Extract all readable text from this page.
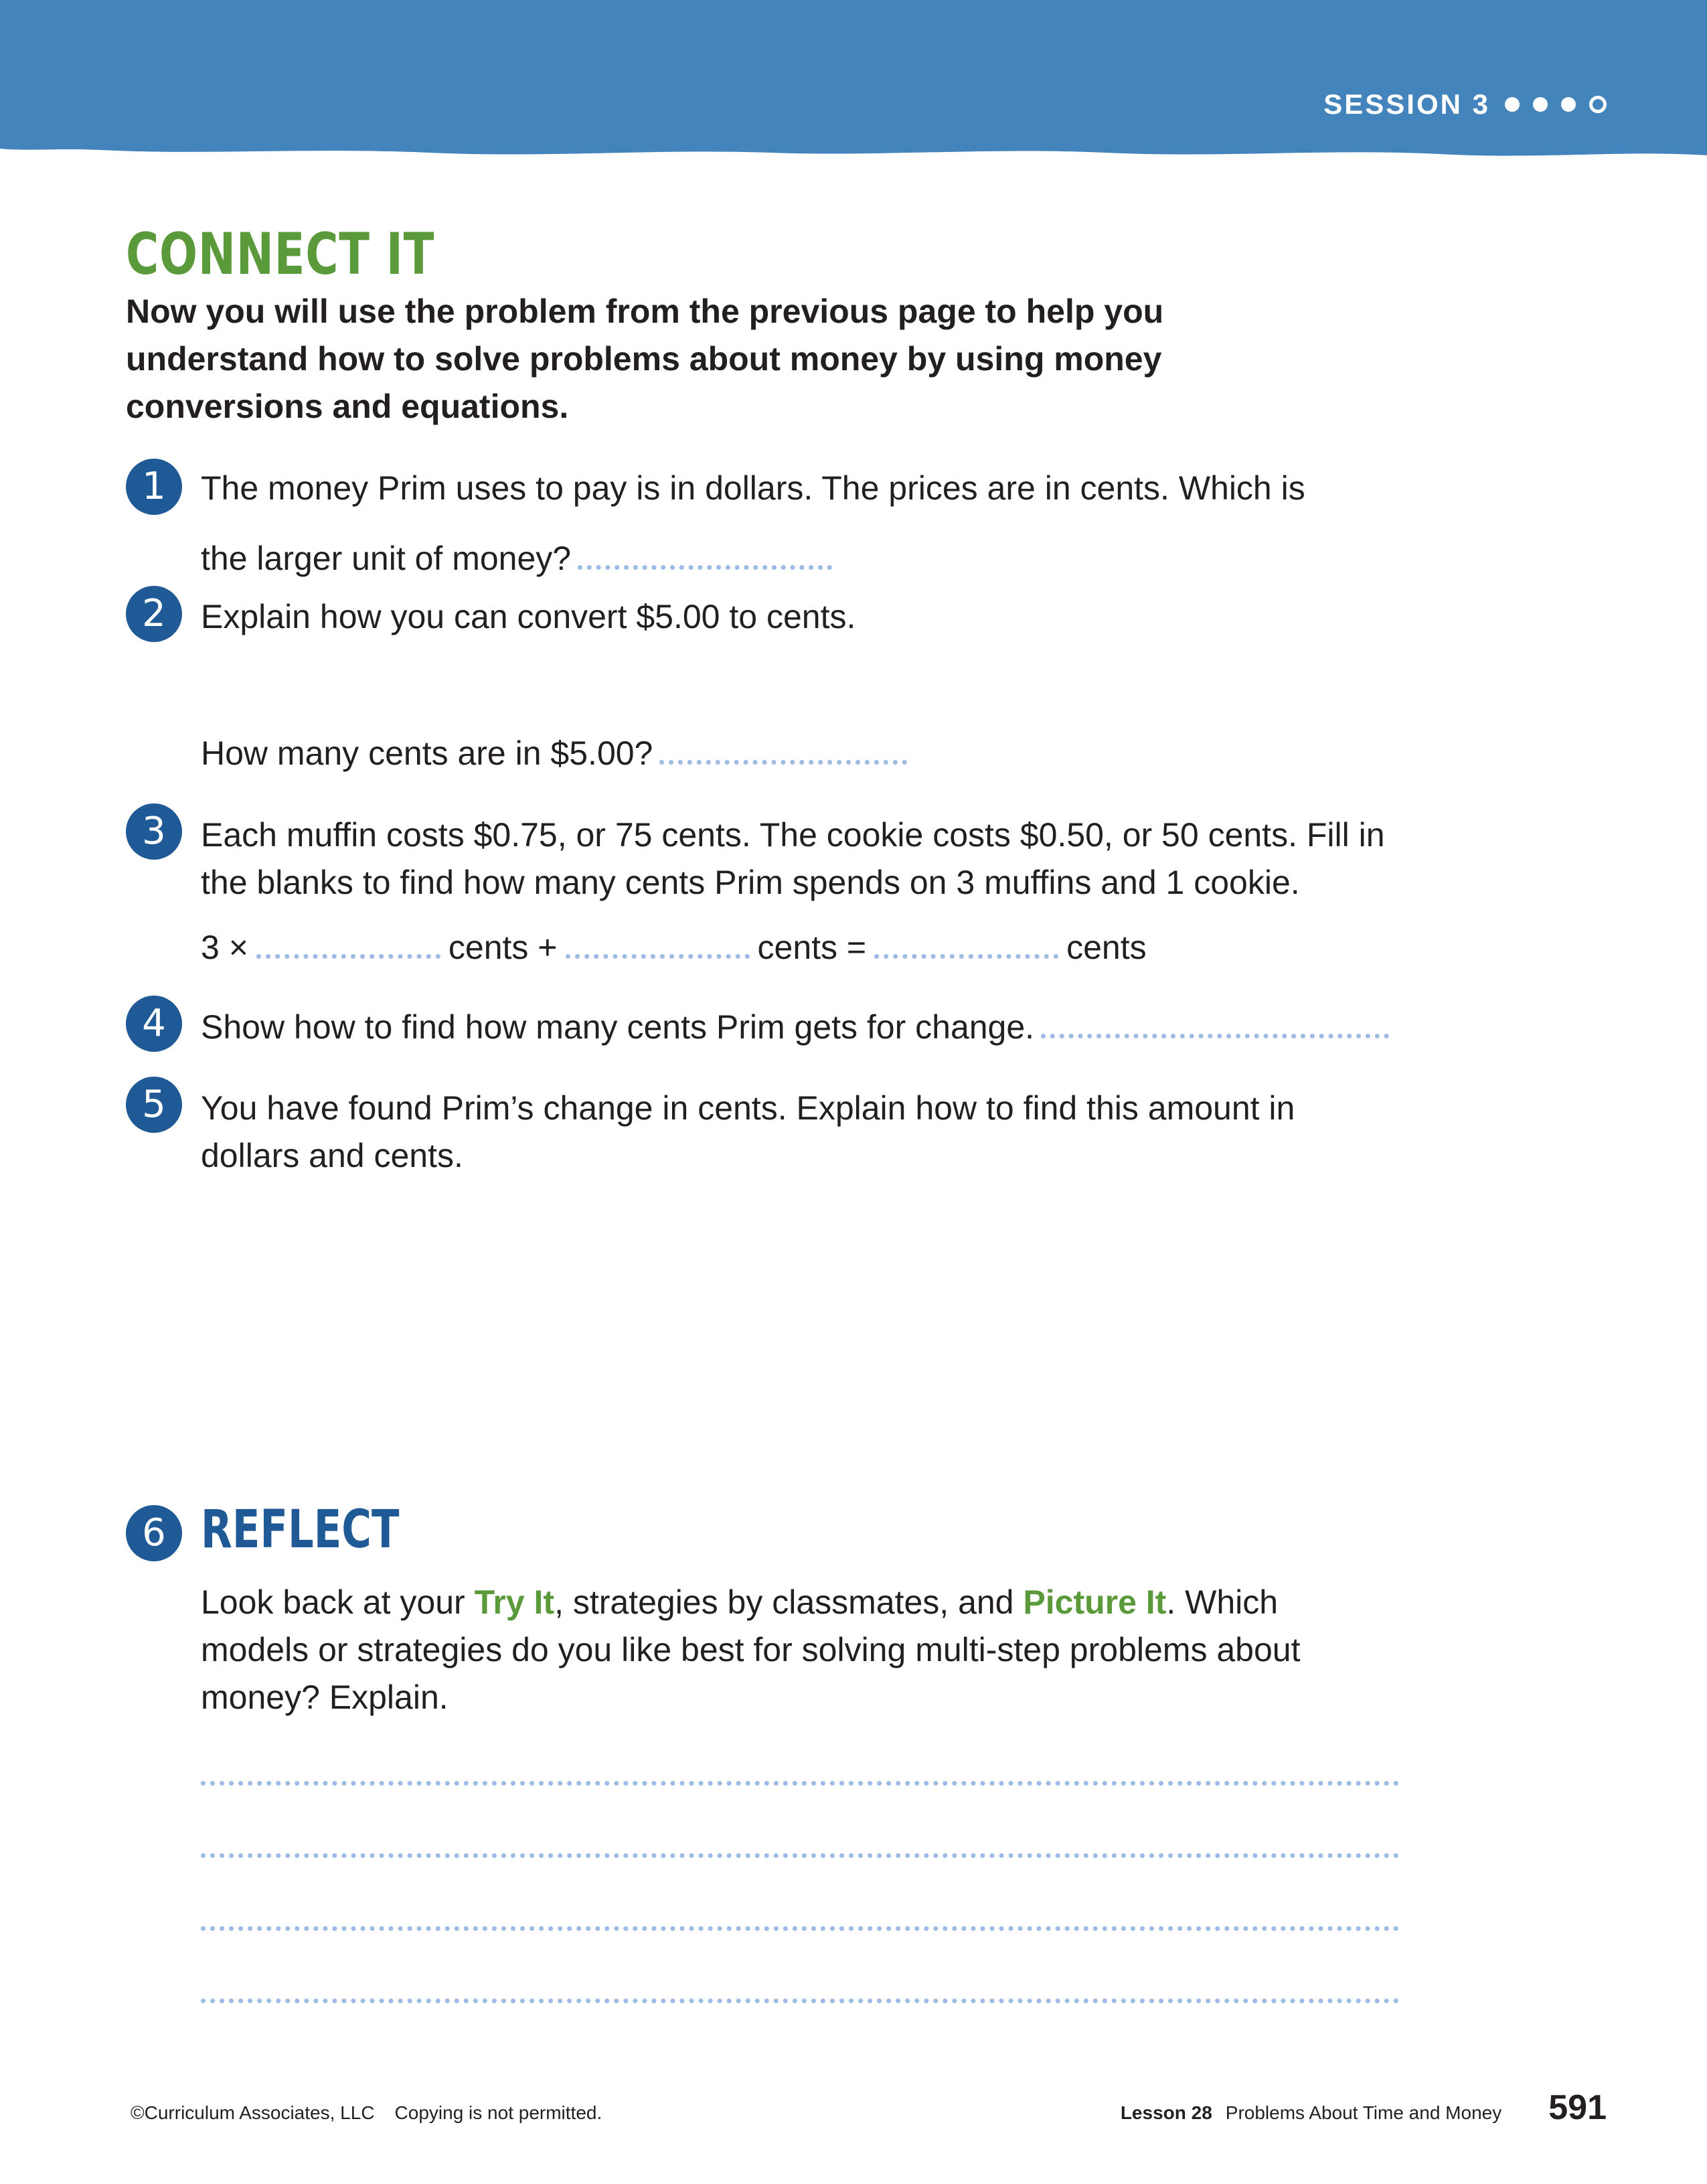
SESSION 3
CONNECT IT

Now you will use the problem from the previous page to help you understand how to solve problems about money by using money conversions and equations.

1	The money Prim uses to pay is in dollars. The prices are in cents. Which is

the larger unit of money?

2	Explain how you can convert $5.00 to cents.

How many cents are in $5.00?

3	Each muffin costs $0.75, or 75 cents. The cookie costs $0.50, or 50 cents. Fill in the blanks to find how many cents Prim spends on 3 muffins and 1 cookie.

3 ×	cents +	cents =	cents
4	Show how to find how many cents Prim gets for change.

5	You have found Prim’s change in cents. Explain how to find this amount in dollars and cents.

6 REFLECT

Look back at your Try It, strategies by classmates, and Picture It. Which models or strategies do you like best for solving multi-step problems about money? Explain.

©Curriculum Associates, LLC Copying is not permitted.	Lesson 28 Problems About Time and Money 591
